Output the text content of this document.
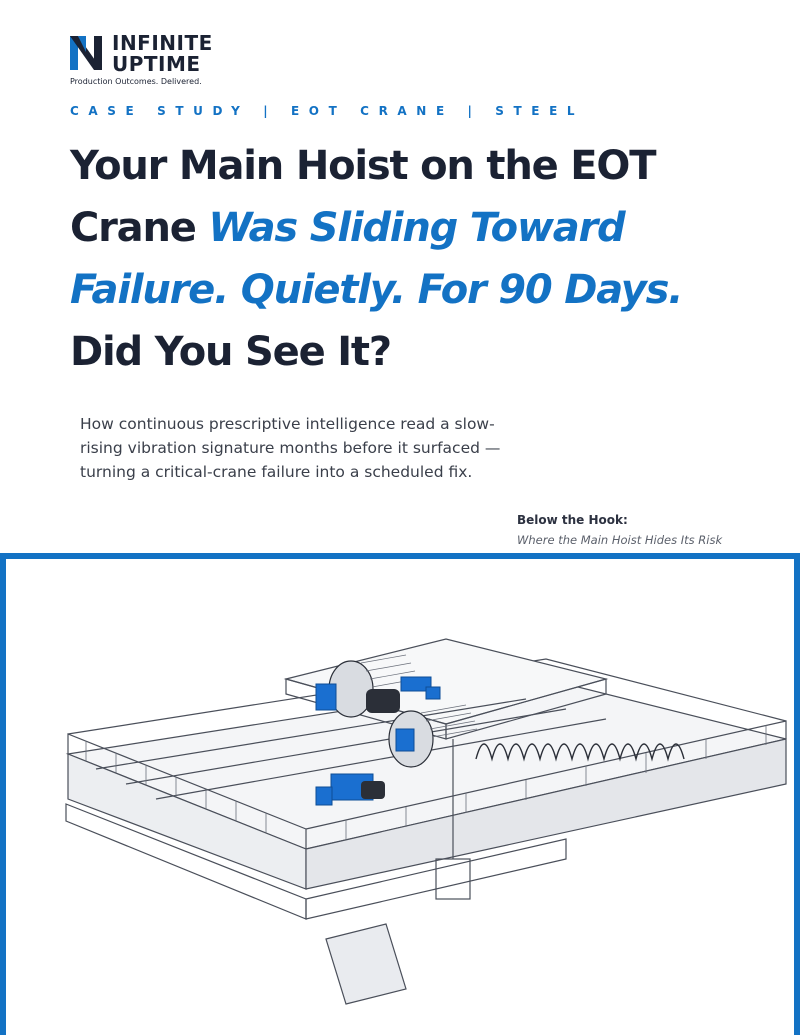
INFINITE
UPTIME
Production Outcomes. Delivered.
CASE STUDY | EOT CRANE | STEEL
Your Main Hoist on the EOT
Crane Was Sliding Toward
Failure. Quietly. For 90 Days.
Did You See It?

How continuous prescriptive intelligence read a slow-rising vibration signature months before it surfaced — turning a critical-crane failure into a scheduled fix.

Below the Hook:
Where the Main Hoist Hides Its Risk
